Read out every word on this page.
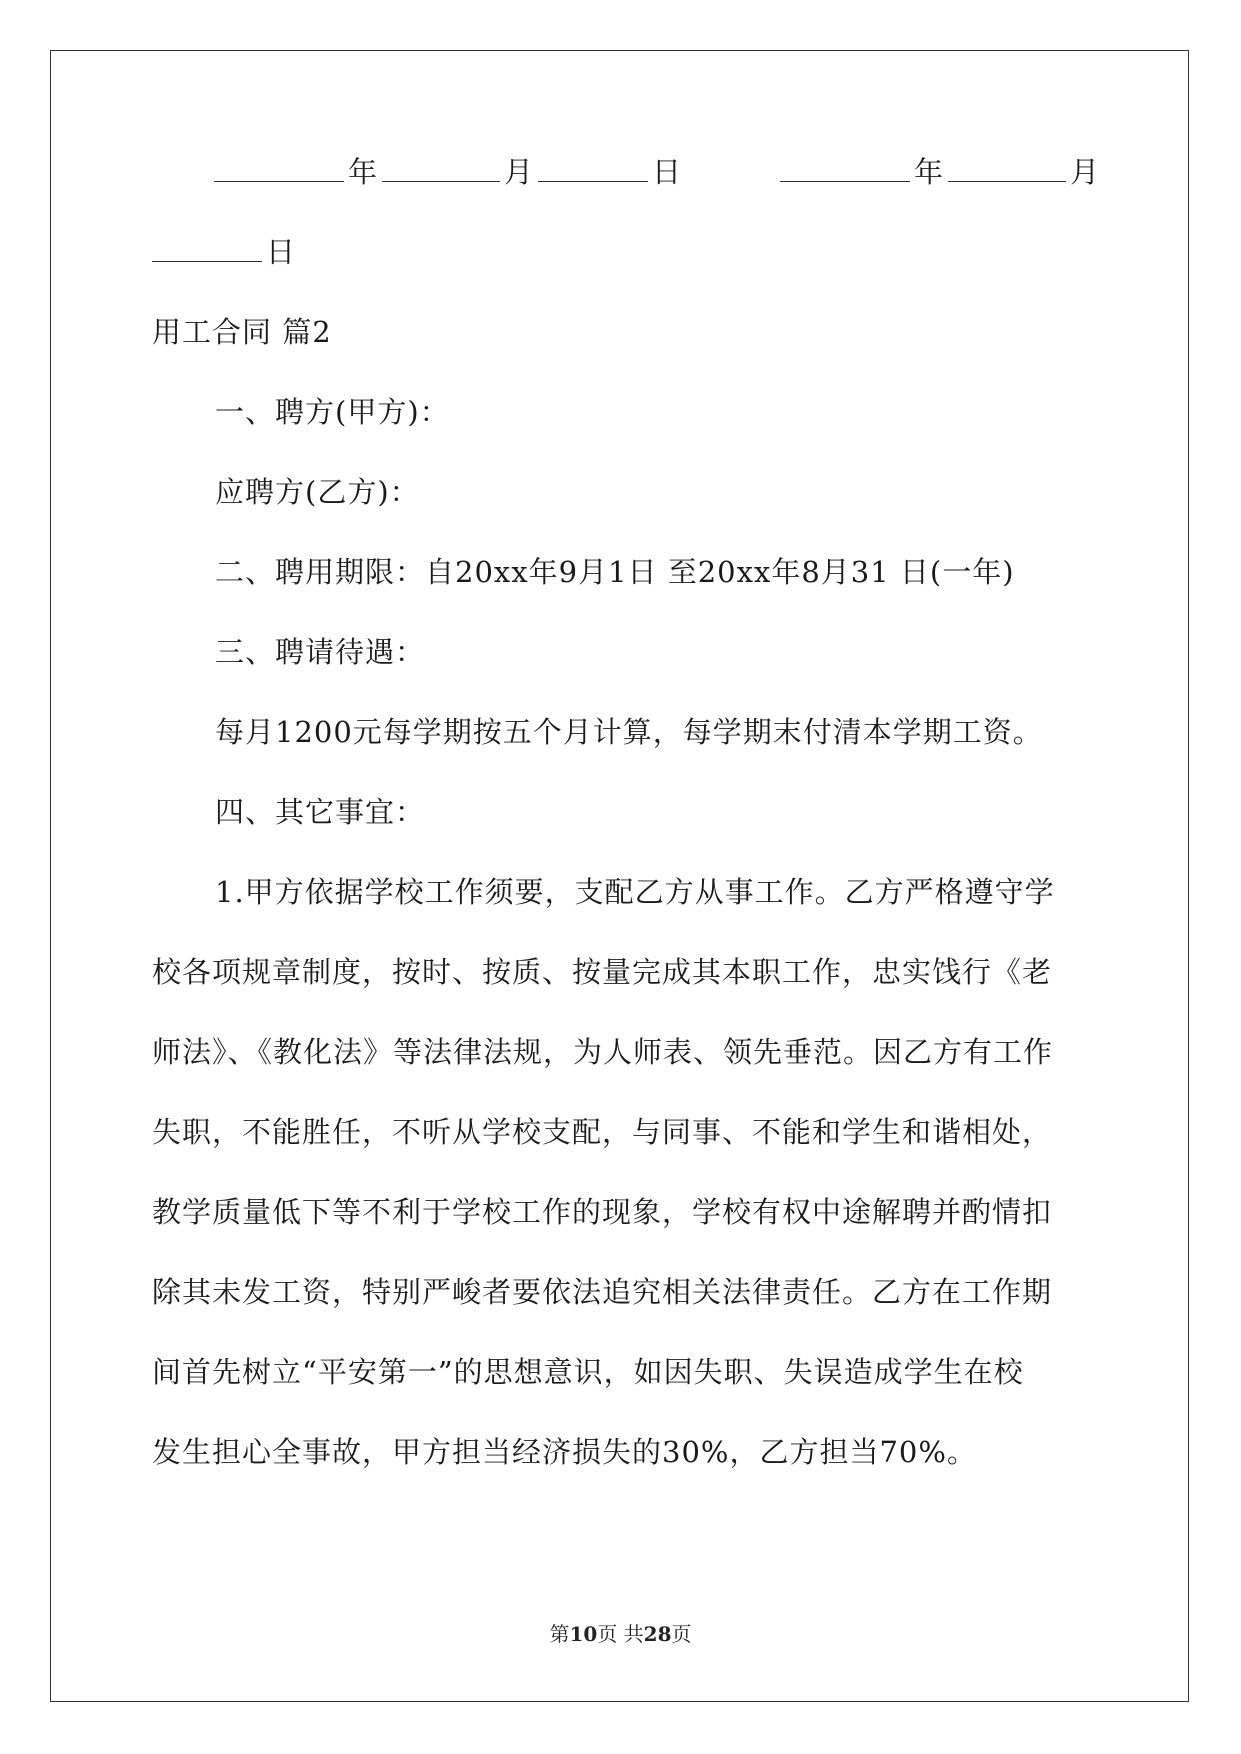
年	月	日	年	月
日
用工合同 篇2
一、聘方(甲方)：
应聘方(乙方)：
二、聘用期限：自20xx年9月1日 至20xx年8月31 日(一年)
三、聘请待遇：
每月1200元每学期按五个月计算，每学期末付清本学期工资。
四、其它事宜：
1.甲方依据学校工作须要，支配乙方从事工作。乙方严格遵守学
校各项规章制度，按时、按质、按量完成其本职工作，忠实饯行《老
师法》、《教化法》等法律法规，为人师表、领先垂范。因乙方有工作
失职，不能胜任，不听从学校支配，与同事、不能和学生和谐相处，
教学质量低下等不利于学校工作的现象，学校有权中途解聘并酌情扣
除其未发工资，特别严峻者要依法追究相关法律责任。乙方在工作期
间首先树立“平安第一”的思想意识，如因失职、失误造成学生在校
发生担心全事故，甲方担当经济损失的30%，乙方担当70%。
第10页 共28页
